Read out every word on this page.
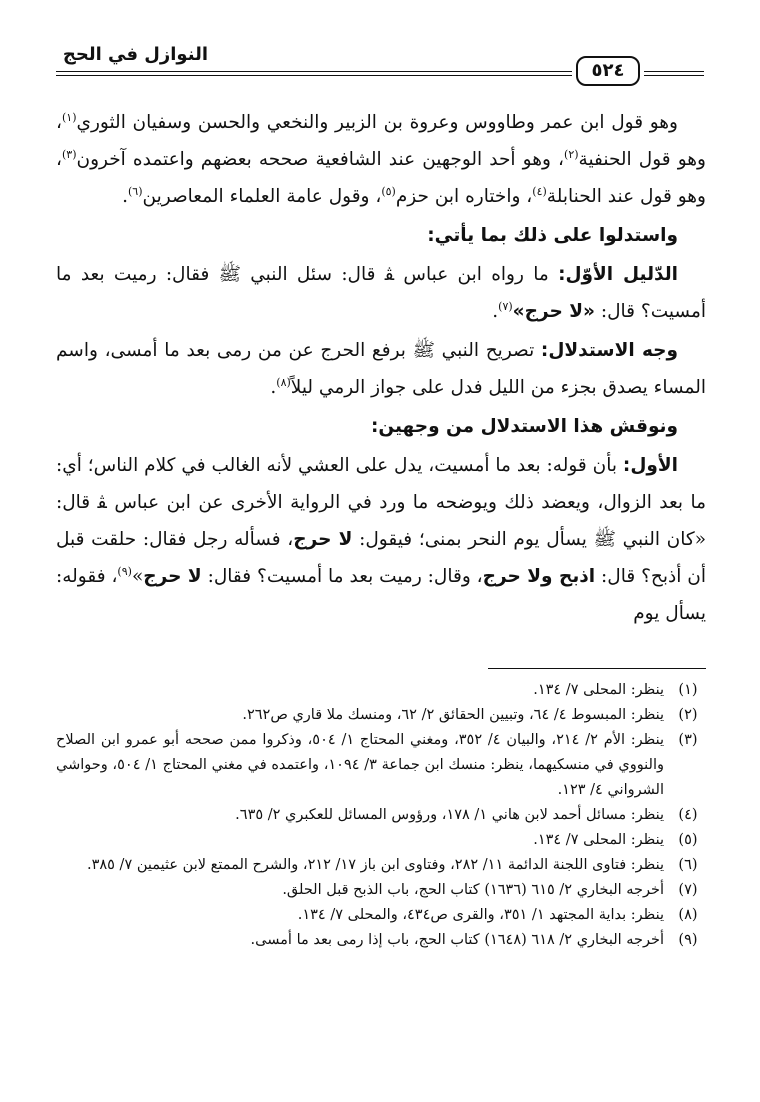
النوازل في الحج
٥٢٤

وهو قول ابن عمر وطاووس وعروة بن الزبير والنخعي والحسن وسفيان الثوري$^{(١)}$، وهو قول الحنفية$^{(٢)}$، وهو أحد الوجهين عند الشافعية صححه بعضهم واعتمده آخرون$^{(٣)}$، وهو قول عند الحنابلة$^{(٤)}$، واختاره ابن حزم$^{(٥)}$، وقول عامة العلماء المعاصرين$^{(٦)}$.

واستدلوا على ذلك بما يأتي:

الدّليل الأوّل: ما رواه ابن عباس ﭭ قال: سئل النبي ﷺ فقال: رميت بعد ما أمسيت؟ قال: «لا حرج»$^{(٧)}$.

وجه الاستدلال: تصريح النبي ﷺ برفع الحرج عن من رمى بعد ما أمسى، واسم المساء يصدق بجزء من الليل فدل على جواز الرمي ليلاً$^{(٨)}$.

ونوقش هذا الاستدلال من وجهين:

الأول: بأن قوله: بعد ما أمسيت، يدل على العشي لأنه الغالب في كلام الناس؛ أي: ما بعد الزوال، ويعضد ذلك ويوضحه ما ورد في الرواية الأخرى عن ابن عباس ﭭ قال: «كان النبي ﷺ يسأل يوم النحر بمنى؛ فيقول: لا حرج، فسأله رجل فقال: حلقت قبل أن أذبح؟ قال: اذبح ولا حرج، وقال: رميت بعد ما أمسيت؟ فقال: لا حرج»$^{(٩)}$، فقوله: يسأل يوم

(١)
ينظر: المحلى ٧/ ١٣٤.

(٢)
ينظر: المبسوط ٤/ ٦٤، وتبيين الحقائق ٢/ ٦٢، ومنسك ملا قاري ص٢٦٢.

(٣)
ينظر: الأم ٢/ ٢١٤، والبيان ٤/ ٣٥٢، ومغني المحتاج ١/ ٥٠٤، وذكروا ممن صححه أبو عمرو ابن الصلاح والنووي في منسكيهما، ينظر: منسك ابن جماعة ٣/ ١٠٩٤، واعتمده في مغني المحتاج ١/ ٥٠٤، وحواشي الشرواني ٤/ ١٢٣.

(٤)
ينظر: مسائل أحمد لابن هاني ١/ ١٧٨، ورؤوس المسائل للعكبري ٢/ ٦٣٥.

(٥)
ينظر: المحلى ٧/ ١٣٤.

(٦)
ينظر: فتاوى اللجنة الدائمة ١١/ ٢٨٢، وفتاوى ابن باز ١٧/ ٢١٢، والشرح الممتع لابن عثيمين ٧/ ٣٨٥.

(٧)
أخرجه البخاري ٢/ ٦١٥ (١٦٣٦) كتاب الحج، باب الذبح قبل الحلق.

(٨)
ينظر: بداية المجتهد ١/ ٣٥١، والقرى ص٤٣٤، والمحلى ٧/ ١٣٤.

(٩)
أخرجه البخاري ٢/ ٦١٨ (١٦٤٨) كتاب الحج، باب إذا رمى بعد ما أمسى.
